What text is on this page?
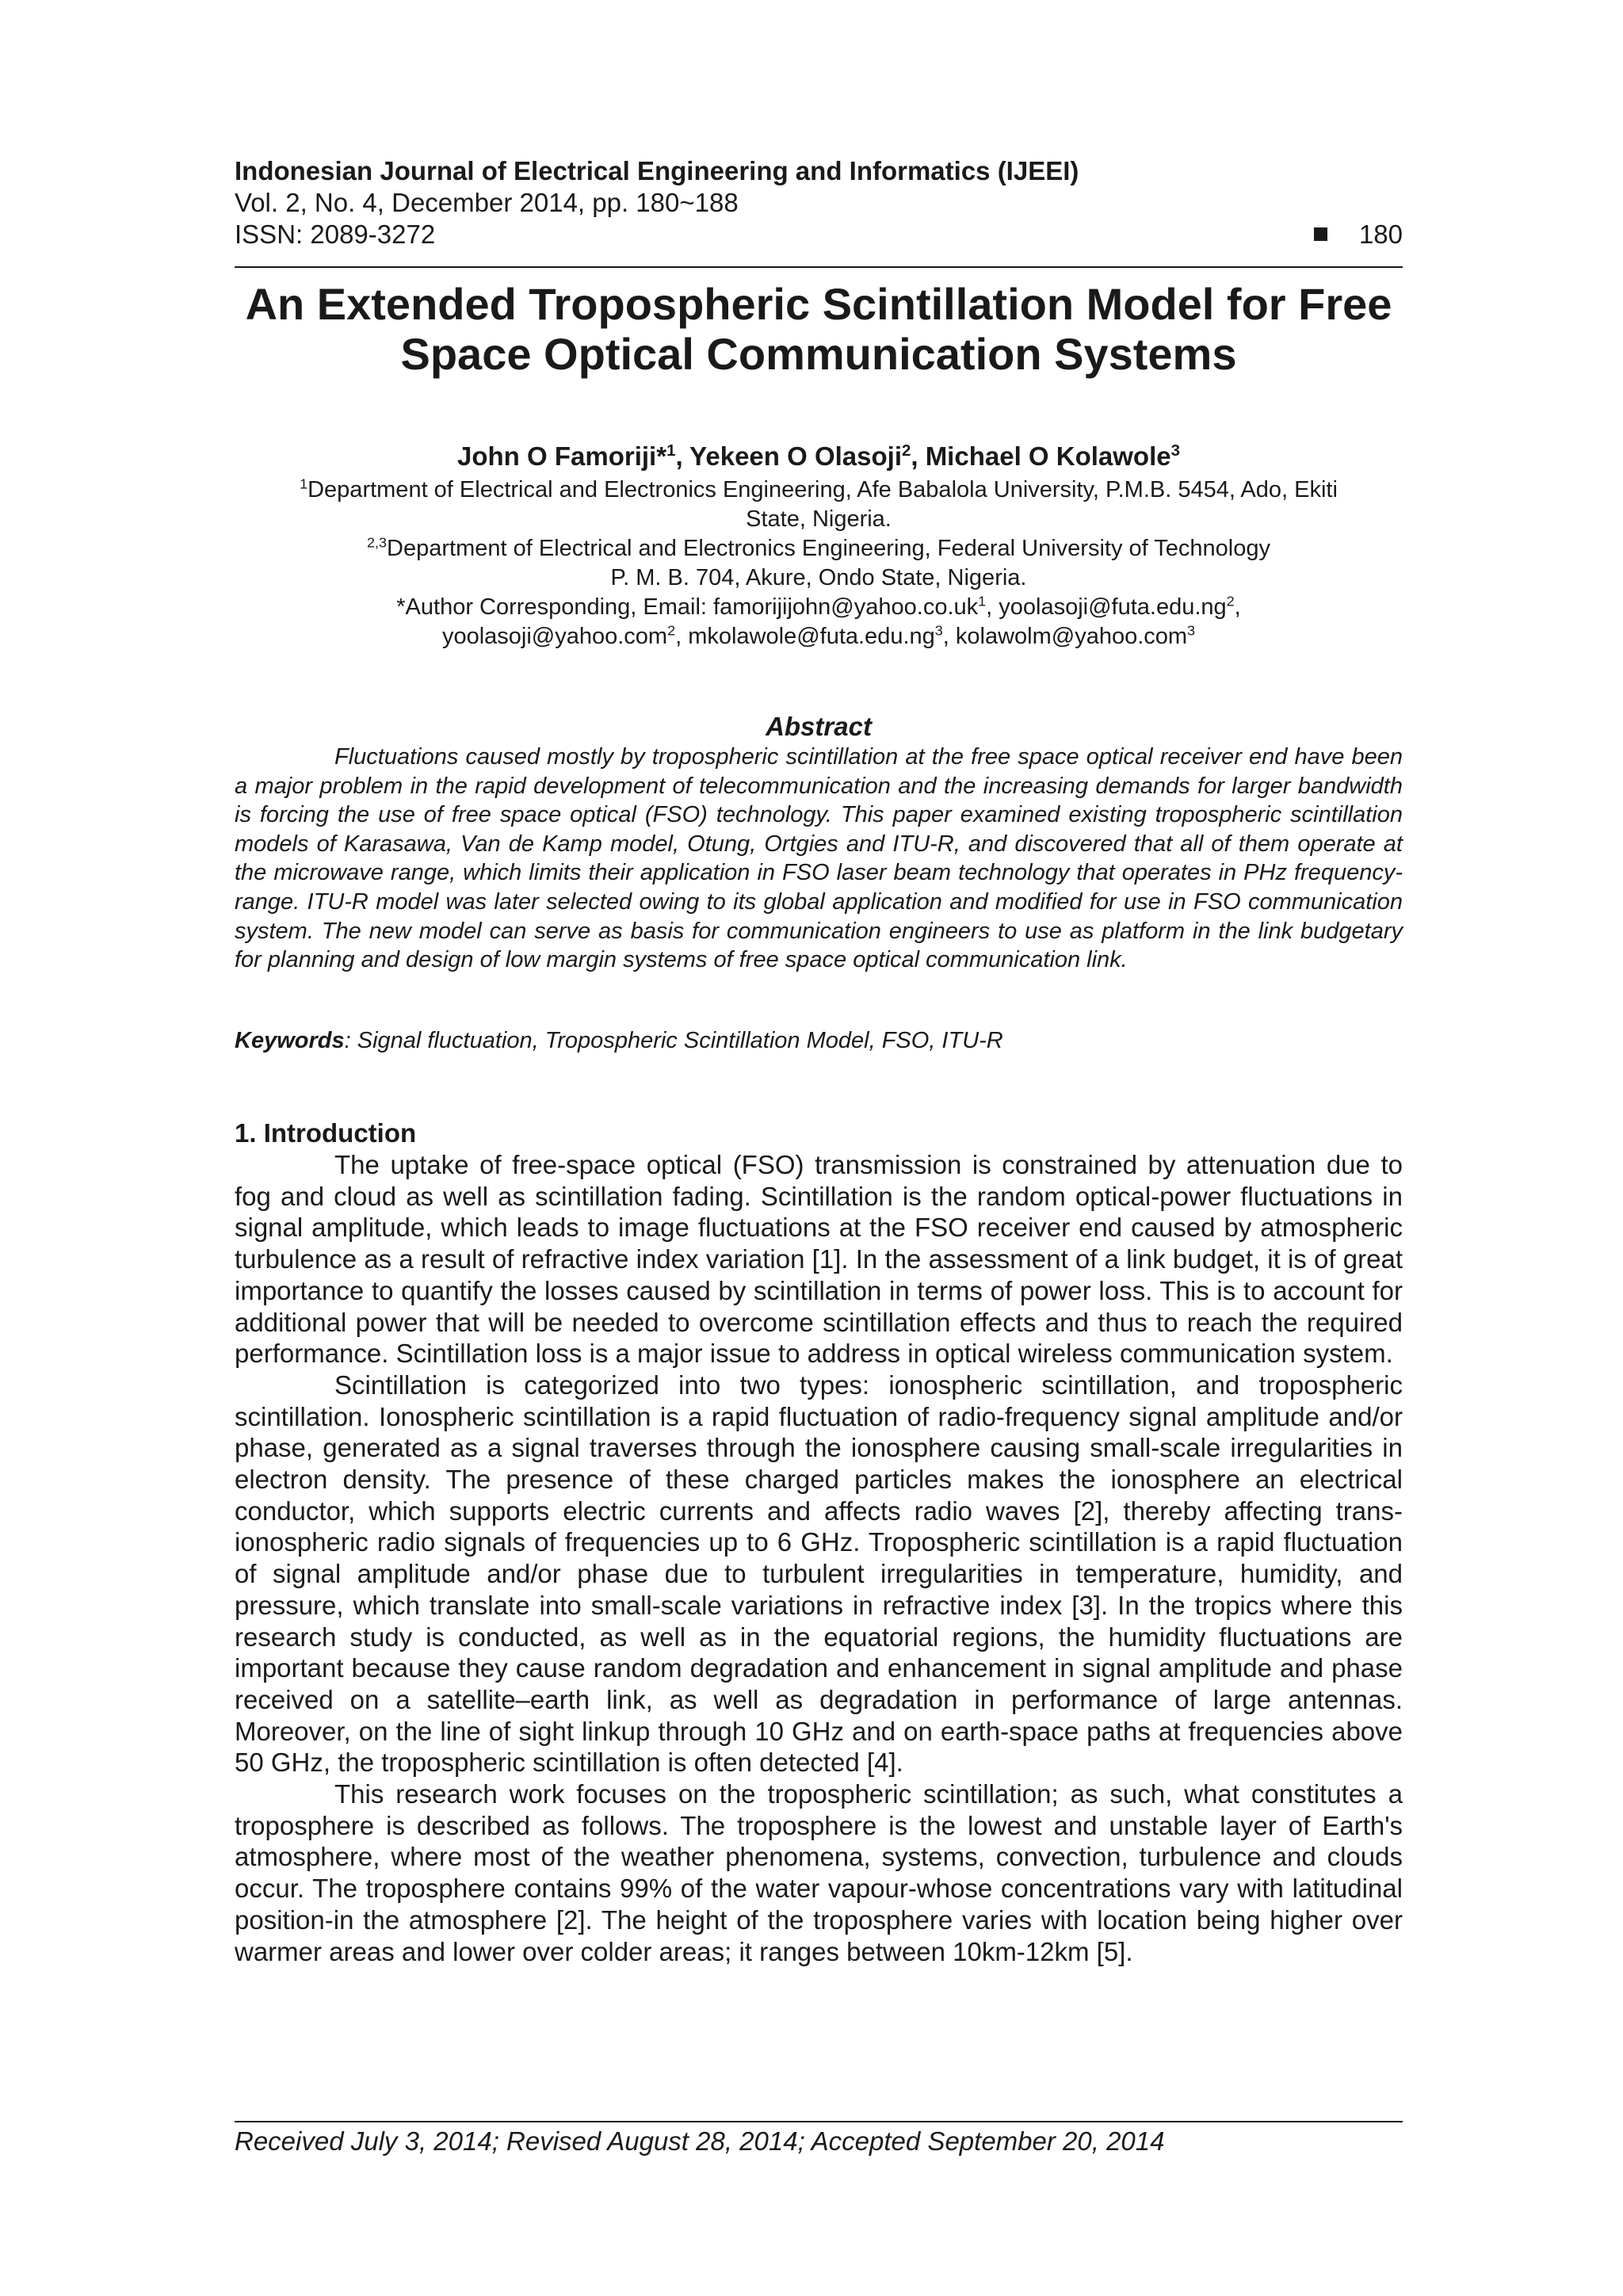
Indonesian Journal of Electrical Engineering and Informatics (IJEEI)
Vol. 2, No. 4, December 2014, pp. 180~188
ISSN: 2089-3272	180
An Extended Tropospheric Scintillation Model for Free
Space Optical Communication Systems
John O Famoriji*$^1$, Yekeen O Olasoji$^2$, Michael O Kolawole$^3$
$^1$Department of Electrical and Electronics Engineering, Afe Babalola University, P.M.B. 5454, Ado, Ekiti
State, Nigeria.
$^{2,3}$Department of Electrical and Electronics Engineering, Federal University of Technology
P. M. B. 704, Akure, Ondo State, Nigeria.
*Author Corresponding, Email: $famorijijohn@yahoo.co.uk^1$, $yoolasoji@futa.edu.ng^2$,
yoolasoji@yahoo.com$^2$, $mkolawole@futa.edu.ng^3$, kolawolm@yahoo.com$^3$
Abstract

Fluctuations caused mostly by tropospheric scintillation at the free space optical receiver end have been a major problem in the rapid development of telecommunication and the increasing demands for larger bandwidth is forcing the use of free space optical (FSO) technology. This paper examined existing tropospheric scintillation models of Karasawa, Van de Kamp model, Otung, Ortgies and ITU-R, and discovered that all of them operate at the microwave range, which limits their application in FSO laser beam technology that operates in PHz frequency-range. ITU-R model was later selected owing to its global application and modified for use in FSO communication system. The new model can serve as basis for communication engineers to use as platform in the link budgetary for planning and design of low margin systems of free space optical communication link.

Keywords: Signal fluctuation, Tropospheric Scintillation Model, FSO, ITU-R
1. Introduction

The uptake of free-space optical (FSO) transmission is constrained by attenuation due to fog and cloud as well as scintillation fading. Scintillation is the random optical-power fluctuations in signal amplitude, which leads to image fluctuations at the FSO receiver end caused by atmospheric turbulence as a result of refractive index variation [1]. In the assessment of a link budget, it is of great importance to quantify the losses caused by scintillation in terms of power loss. This is to account for additional power that will be needed to overcome scintillation effects and thus to reach the required performance. Scintillation loss is a major issue to address in optical wireless communication system.

Scintillation is categorized into two types: ionospheric scintillation, and tropospheric scintillation. Ionospheric scintillation is a rapid fluctuation of radio-frequency signal amplitude and/or phase, generated as a signal traverses through the ionosphere causing small-scale irregularities in electron density. The presence of these charged particles makes the ionosphere an electrical conductor, which supports electric currents and affects radio waves [2], thereby affecting trans-ionospheric radio signals of frequencies up to 6 GHz. Tropospheric scintillation is a rapid fluctuation of signal amplitude and/or phase due to turbulent irregularities in temperature, humidity, and pressure, which translate into small-scale variations in refractive index [3]. In the tropics where this research study is conducted, as well as in the equatorial regions, the humidity fluctuations are important because they cause random degradation and enhancement in signal amplitude and phase received on a satellite–earth link, as well as degradation in performance of large antennas. Moreover, on the line of sight linkup through 10 GHz and on earth-space paths at frequencies above 50 GHz, the tropospheric scintillation is often detected [4].

This research work focuses on the tropospheric scintillation; as such, what constitutes a troposphere is described as follows. The troposphere is the lowest and unstable layer of Earth's atmosphere, where most of the weather phenomena, systems, convection, turbulence and clouds occur. The troposphere contains 99% of the water vapour-whose concentrations vary with latitudinal position-in the atmosphere [2]. The height of the troposphere varies with location being higher over warmer areas and lower over colder areas; it ranges between 10km-12km [5].

Received July 3, 2014; Revised August 28, 2014; Accepted September 20, 2014
